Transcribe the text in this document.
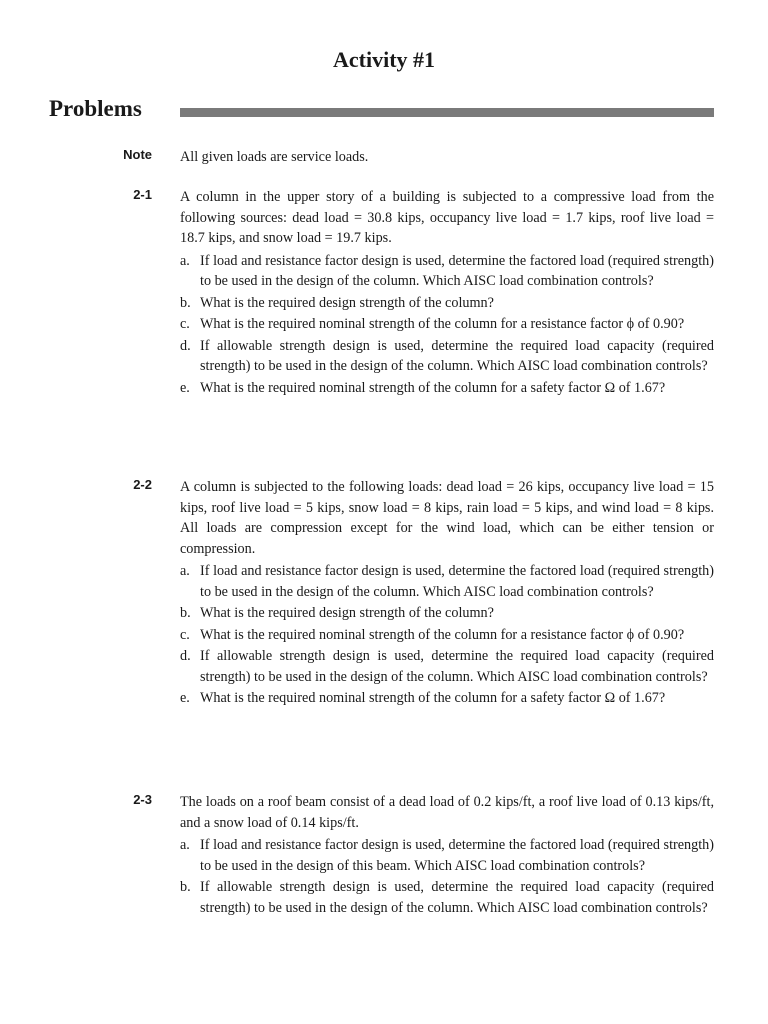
Activity #1
Problems
Note All given loads are service loads.
2-1 A column in the upper story of a building is subjected to a compressive load from the following sources: dead load = 30.8 kips, occupancy live load = 1.7 kips, roof live load = 18.7 kips, and snow load = 19.7 kips.
a. If load and resistance factor design is used, determine the factored load (required strength) to be used in the design of the column. Which AISC load combination controls?
b. What is the required design strength of the column?
c. What is the required nominal strength of the column for a resistance factor ϕ of 0.90?
d. If allowable strength design is used, determine the required load capacity (required strength) to be used in the design of the column. Which AISC load combination controls?
e. What is the required nominal strength of the column for a safety factor Ω of 1.67?
2-2 A column is subjected to the following loads: dead load = 26 kips, occupancy live load = 15 kips, roof live load = 5 kips, snow load = 8 kips, rain load = 5 kips, and wind load = 8 kips. All loads are compression except for the wind load, which can be either tension or compression.
a. If load and resistance factor design is used, determine the factored load (required strength) to be used in the design of the column. Which AISC load combination controls?
b. What is the required design strength of the column?
c. What is the required nominal strength of the column for a resistance factor ϕ of 0.90?
d. If allowable strength design is used, determine the required load capacity (required strength) to be used in the design of the column. Which AISC load combination controls?
e. What is the required nominal strength of the column for a safety factor Ω of 1.67?
2-3 The loads on a roof beam consist of a dead load of 0.2 kips/ft, a roof live load of 0.13 kips/ft, and a snow load of 0.14 kips/ft.
a. If load and resistance factor design is used, determine the factored load (required strength) to be used in the design of this beam. Which AISC load combination controls?
b. If allowable strength design is used, determine the required load capacity (required strength) to be used in the design of the column. Which AISC load combination controls?
